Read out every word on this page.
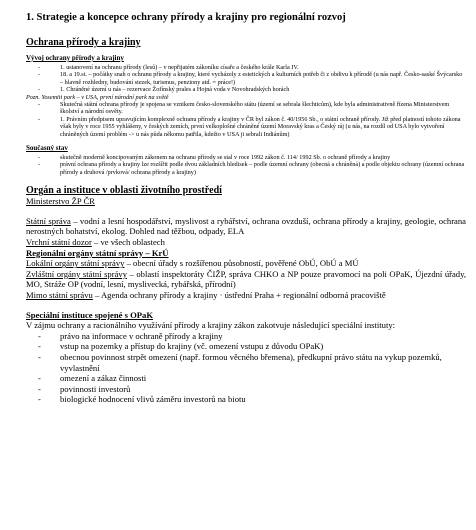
1. Strategie a koncepce ochrany přírody a krajiny pro regionální rozvoj
Ochrana přírody a krajiny
Vývoj ochrany přírody a krajiny
- 1. ustanovení na ochranu přírody (lesů) – v nepřijatém zákoníku císaře a českého krále Karla IV.
- 18. a 19.st. – počátky snah o ochranu přírody a krajiny, které vycházely z estetických a kulturních potřeb či z obdivu k přírodě (u nás např. Česko-saské Švýcarsko – hlavně rozhledny, budování stezek, turismus, penziony atd. = práce!)
- 1. Chráněné území u nás – rezervace Žofínský prales a Hojná voda v Novohradských horách
Pozn. Yosemiti park – v USA, první národní park na světě
- Skutečná státní ochrana přírody je spojena se vznikem česko-slovenského státu (území se sebrala šlechticům), kde byla administrativně řízena Ministerstvem školství a národní osvěty.
- 1. Právním předpisem upravujícím komplexně ochranu přírody a krajiny v ČR byl zákon č. 40/1956 Sb., o státní ochraně přírody. Již před platností tohoto zákona však byly v roce 1955 vyhlášeny, v českých zemích, první velkoplošné chráněné území Moravský kras a Český ráj (u nás, na rozdíl od USA bylo vytvoření chráněných území problém -> u nás půda někomu patřila, kdežto v USA ji sebrali Indiánům)
Současný stav
- skutečně moderně koncipovaným zákonem na ochranu přírody se stal v roce 1992 zákon č. 114/ 1992 Sb. o ochraně přírody a krajiny
- právní ochrana přírody a krajiny lze rozšířit podle dvou základních hledisek – podle územní ochrany (obecná a chráněná) a podle objektu ochrany (územní ochrana přírody a druhová /prvková/ ochrana přírody a krajiny)
Orgán a instituce v oblasti životního prostředí
Ministerstvo ŽP ČR
Státní správa – vodní a lesní hospodářství, myslivost a rybářství, ochrana ovzduší, ochrana přírody a krajiny, geologie, ochrana nerostných bohatství, ekolog. Dohled nad těžbou, odpady, ELA
Vrchní státní dozor – ve všech oblastech
Regionální orgány státní správy – KrÚ
Lokální orgány státní správy – obecní úřady s rozšířenou působností, pověřené ObÚ, ObÚ a MÚ
Zvláštní orgány státní správy – oblastí inspektoráty ČIŽP, správa CHKO a NP pouze pravomocí na poli OPaK, Újezdní úřady, MO, Stráže OP (vodní, lesní, myslivecká, rybářská, přírodní)
Mimo státní správu – Agenda ochrany přírody a krajiny · ústřední Praha + regionální odborná pracoviště
Speciální instituce spojené s OPaK
V zájmu ochrany a racionálního využívání přírody a krajiny zákon zakotvuje následující speciální instituty:
- právo na informace v ochraně přírody a krajiny
- vstup na pozemky a přístup do krajiny (vč. omezení vstupu z důvodu OPaK)
- obecnou povinnost strpět omezení (např. formou věcného břemena), předkupní právo státu na vykup pozemků, vyvlastnění
- omezení a zákaz činnosti
- povinnosti investorů
- biologické hodnocení vlivů záměru investorů na biotu
